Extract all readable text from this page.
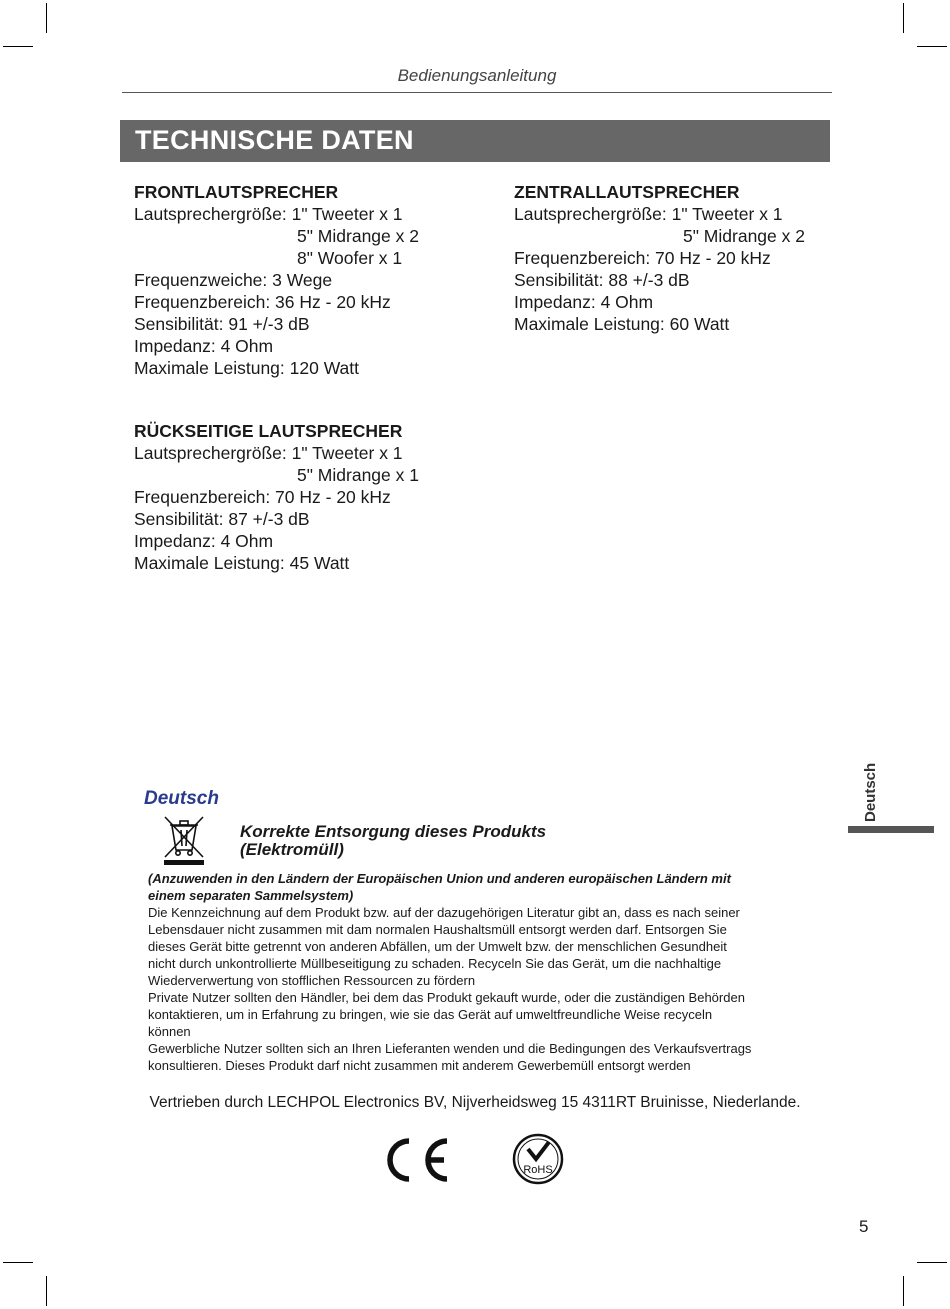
Bedienungsanleitung
TECHNISCHE DATEN
FRONTLAUTSPRECHER
Lautsprechergröße: 1" Tweeter x 1
5" Midrange x 2
8" Woofer x 1
Frequenzweiche: 3 Wege
Frequenzbereich: 36 Hz - 20 kHz
Sensibilität: 91 +/-3 dB
Impedanz: 4 Ohm
Maximale Leistung: 120 Watt
ZENTRALLAUTSPRECHER
Lautsprechergröße: 1" Tweeter x 1
5" Midrange x 2
Frequenzbereich: 70 Hz - 20 kHz
Sensibilität: 88 +/-3 dB
Impedanz: 4 Ohm
Maximale Leistung: 60 Watt
RÜCKSEITIGE LAUTSPRECHER
Lautsprechergröße: 1" Tweeter x 1
5" Midrange x 1
Frequenzbereich: 70 Hz - 20 kHz
Sensibilität: 87 +/-3 dB
Impedanz: 4 Ohm
Maximale Leistung: 45 Watt
Deutsch
Deutsch
Korrekte Entsorgung dieses Produkts
(Elektromüll)
(Anzuwenden in den Ländern der Europäischen Union und anderen europäischen Ländern mit
einem separaten Sammelsystem)
Die Kennzeichnung auf dem Produkt bzw. auf der dazugehörigen Literatur gibt an, dass es nach seiner
Lebensdauer nicht zusammen mit dam normalen Haushaltsmüll entsorgt werden darf. Entsorgen Sie
dieses Gerät bitte getrennt von anderen Abfällen, um der Umwelt bzw. der menschlichen Gesundheit
nicht durch unkontrollierte Müllbeseitigung zu schaden. Recyceln Sie das Gerät, um die nachhaltige
Wiederverwertung von stofflichen Ressourcen zu fördern
Private Nutzer sollten den Händler, bei dem das Produkt gekauft wurde, oder die zuständigen Behörden
kontaktieren, um in Erfahrung zu bringen, wie sie das Gerät auf umweltfreundliche Weise recyceln
können
Gewerbliche Nutzer sollten sich an Ihren Lieferanten wenden und die Bedingungen des Verkaufsvertrags
konsultieren. Dieses Produkt darf nicht zusammen mit anderem Gewerbemüll entsorgt werden
Vertrieben durch LECHPOL Electronics BV, Nijverheidsweg 15 4311RT Bruinisse, Niederlande.
RoHS
5
